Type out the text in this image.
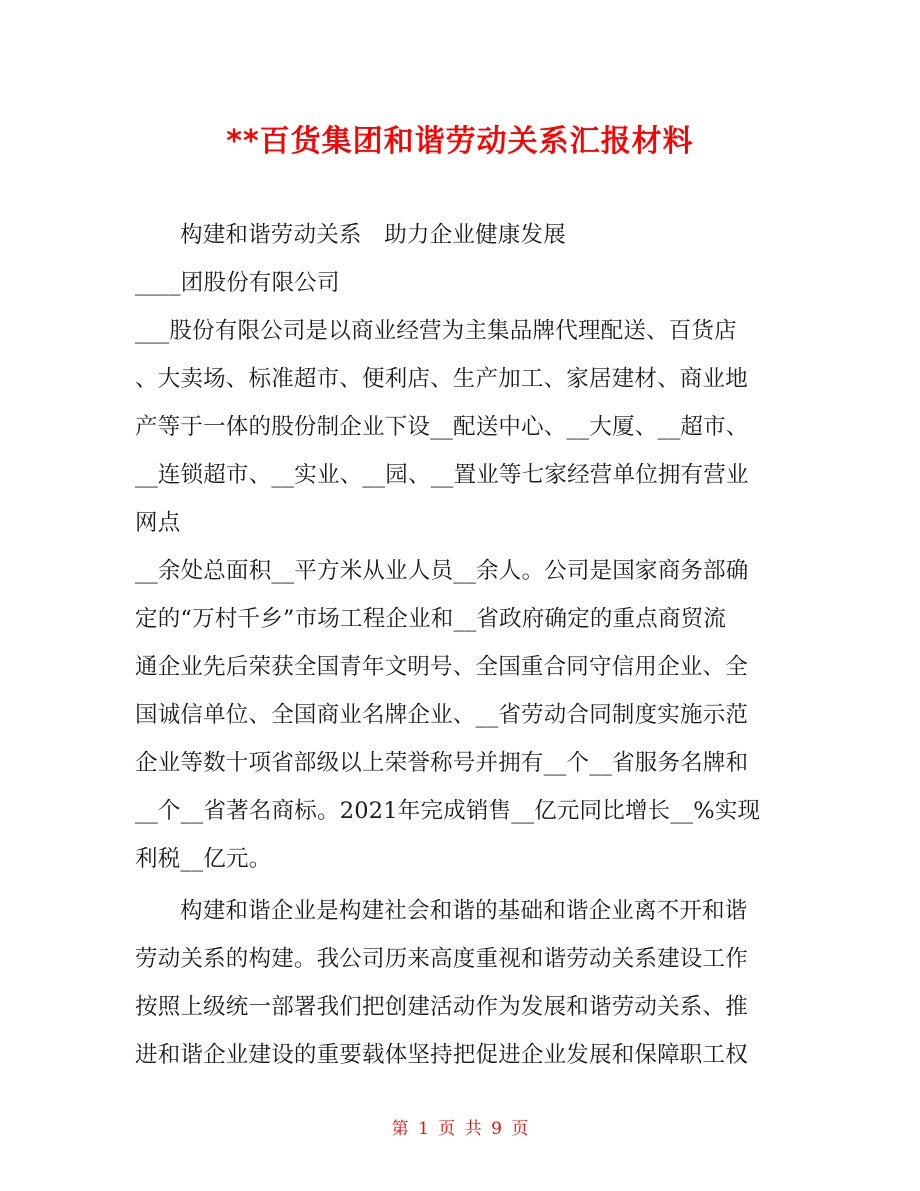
**百货集团和谐劳动关系汇报材料
构建和谐劳动关系　助力企业健康发展
____团股份有限公司
___股份有限公司是以商业经营为主集品牌代理配送、百货店
、大卖场、标准超市、便利店、生产加工、家居建材、商业地
产等于一体的股份制企业下设__配送中心、__大厦、__超市、
__连锁超市、__实业、__园、__置业等七家经营单位拥有营业
网点
__余处总面积__平方米从业人员__余人。公司是国家商务部确
定的“万村千乡”市场工程企业和__省政府确定的重点商贸流
通企业先后荣获全国青年文明号、全国重合同守信用企业、全
国诚信单位、全国商业名牌企业、__省劳动合同制度实施示范
企业等数十项省部级以上荣誉称号并拥有__个__省服务名牌和
__个__省著名商标。2021年完成销售__亿元同比增长__%实现
利税__亿元。
构建和谐企业是构建社会和谐的基础和谐企业离不开和谐
劳动关系的构建。我公司历来高度重视和谐劳动关系建设工作
按照上级统一部署我们把创建活动作为发展和谐劳动关系、推
进和谐企业建设的重要载体坚持把促进企业发展和保障职工权
第 1 页 共 9 页
